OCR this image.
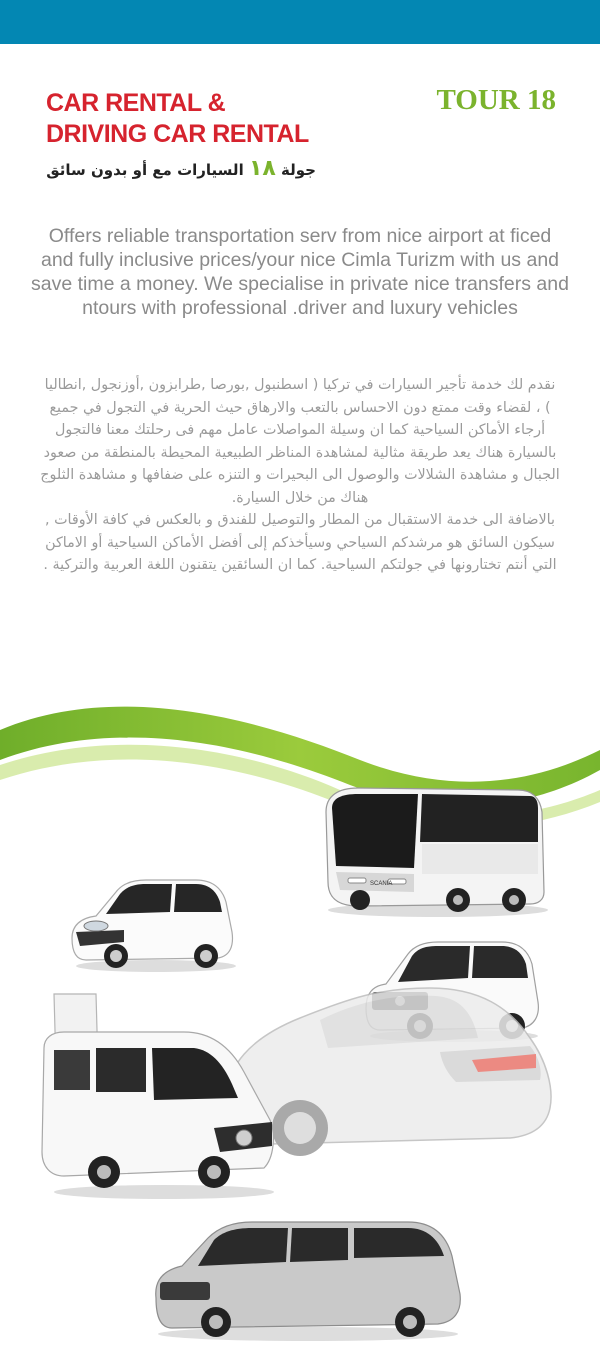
CAR RENTAL &
DRIVING CAR RENTAL
TOUR 18
جولة ١٨ السيارات مع أو بدون سائق
Offers reliable transportation serv from nice airport at ficed and fully inclusive prices/your nice Cimla Turizm with us and save time a money. We specialise in private nice transfers and ntours with professional .driver and luxury vehicles

نقدم لك خدمة تأجير السيارات في تركيا ( اسطنبول ,بورصا ,طرابزون ,أوزنجول ,انطاليا ) ، لقضاء وقت ممتع دون الاحساس بالتعب والارهاق حيث الحرية في التجول في جميع أرجاء الأماكن السياحية كما ان وسيلة المواصلات عامل مهم فى رحلتك معنا فالتجول بالسيارة هناك يعد طريقة مثالية لمشاهدة المناظر الطبيعية المحيطة بالمنطقة من صعود الجبال و مشاهدة الشلالات والوصول الى البحيرات و التنزه على ضفافها و مشاهدة الثلوج هناك من خلال السيارة.

بالاضافة الى خدمة الاستقبال من المطار والتوصيل للفندق و بالعكس في كافة الأوقات , سيكون السائق هو مرشدكم السياحي وسيأخذكم إلى أفضل الأماكن السياحية أو الاماكن التي أنتم تختارونها في جولتكم السياحية. كما ان السائقين يتقنون اللغة العربية والتركية .

SCANIA
